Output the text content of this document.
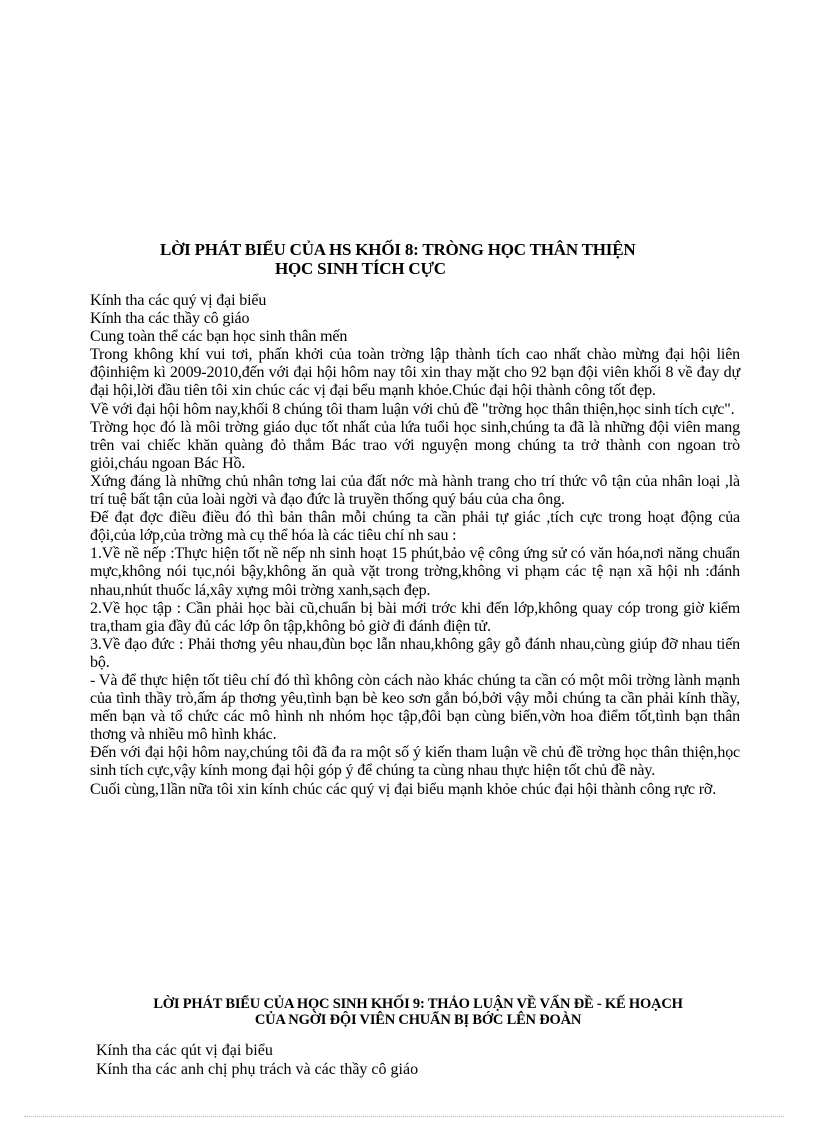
LỜI PHÁT BIỂU CỦA HS KHỐI 8: TRÒNG HỌC THÂN THIỆN
HỌC SINH TÍCH CỰC

Kính tha các quý vị đại biểu

Kính tha các thầy cô giáo

Cung toàn thể các bạn học sinh thân mến

Trong không khí vui tơi, phấn khởi của toàn trờng lập thành tích cao nhất chào mừng đại hội liên độinhiệm kì 2009-2010,đến với đại hội hôm nay tôi xin thay mặt cho 92 bạn đội viên khối 8 về đay dự đại hội,lời đầu tiên tôi xin chúc các vị đại bểu mạnh khỏe.Chúc đại hội thành công tốt đẹp.

Về với đại hội hôm nay,khối 8 chúng tôi tham luận với chủ đề "trờng học thân thiện,học sinh tích cực".

Trờng học đó là môi trờng giáo dục tốt nhất của lứa tuổi học sinh,chúng ta đã là những đội viên mang trên vai chiếc khăn quàng đỏ thắm Bác trao với nguyện mong chúng ta trở thành con ngoan trò giỏi,cháu ngoan Bác Hồ.

Xứng đáng là những chủ nhân tơng lai của đất nớc mà hành trang cho trí thức vô tận của nhân loại ,là trí tuệ bất tận của loài ngời và đạo đức là truyền thống quý báu của cha ông.

Để đạt đợc điều điều đó thì bản thân mỗi chúng ta cần phải tự giác ,tích cực trong hoạt động của đội,của lớp,của trờng mà cụ thể hóa là các tiêu chí nh sau :

1.Về nề nếp :Thực hiện tốt nề nếp nh sinh hoạt 15 phút,bảo vệ công ứng sử có văn hóa,nơi năng chuẩn mực,không nói tục,nói bậy,không ăn quà vặt trong trờng,không vi phạm các tệ nạn xã hội nh :đánh nhau,nhút thuốc lá,xây xựng môi trờng xanh,sạch đẹp.

2.Về học tập : Cần phải học bài cũ,chuẩn bị bài mới trớc khi đến lớp,không quay cóp trong giờ kiểm tra,tham gia đầy đủ các lớp ôn tập,không bỏ giờ đi đánh điện tử.

3.Về đạo đức : Phải thơng yêu nhau,đùn bọc lẫn nhau,không gây gỗ đánh nhau,cùng giúp đỡ nhau tiến bộ.

- Và để thực hiện tốt tiêu chí đó thì không còn cách nào khác chúng ta cần có một môi trờng lành mạnh của tình thầy trò,ấm áp thơng yêu,tình bạn bè keo sơn gắn bó,bởi vậy mỗi chúng ta cần phải kính thầy, mến bạn và tổ chức các mô hình nh nhóm học tập,đôi bạn cùng biến,vờn hoa điểm tốt,tình bạn thân thơng và nhiều mô hình khác.

Đến với đại hội hôm nay,chúng tôi đã đa ra một số ý kiến tham luận về chủ đề trờng học thân thiện,học sinh tích cực,vậy kính mong đại hội góp ý để chúng ta cùng nhau thực hiện tốt chủ đề này.

Cuối cùng,1lần nữa tôi xin kính chúc các quý vị đại biểu mạnh khỏe chúc đại hội thành công rực rỡ.

LỜI PHÁT BIỂU CỦA HỌC SINH KHỐI 9: THẢO LUẬN VỀ VẤN ĐỀ - KẾ HOẠCH
CỦA NGỜI ĐỘI VIÊN CHUẨN BỊ BỚC LÊN ĐOÀN

Kính tha các qút vị đại biểu

Kính tha các anh chị phụ trách và các thầy cô giáo
